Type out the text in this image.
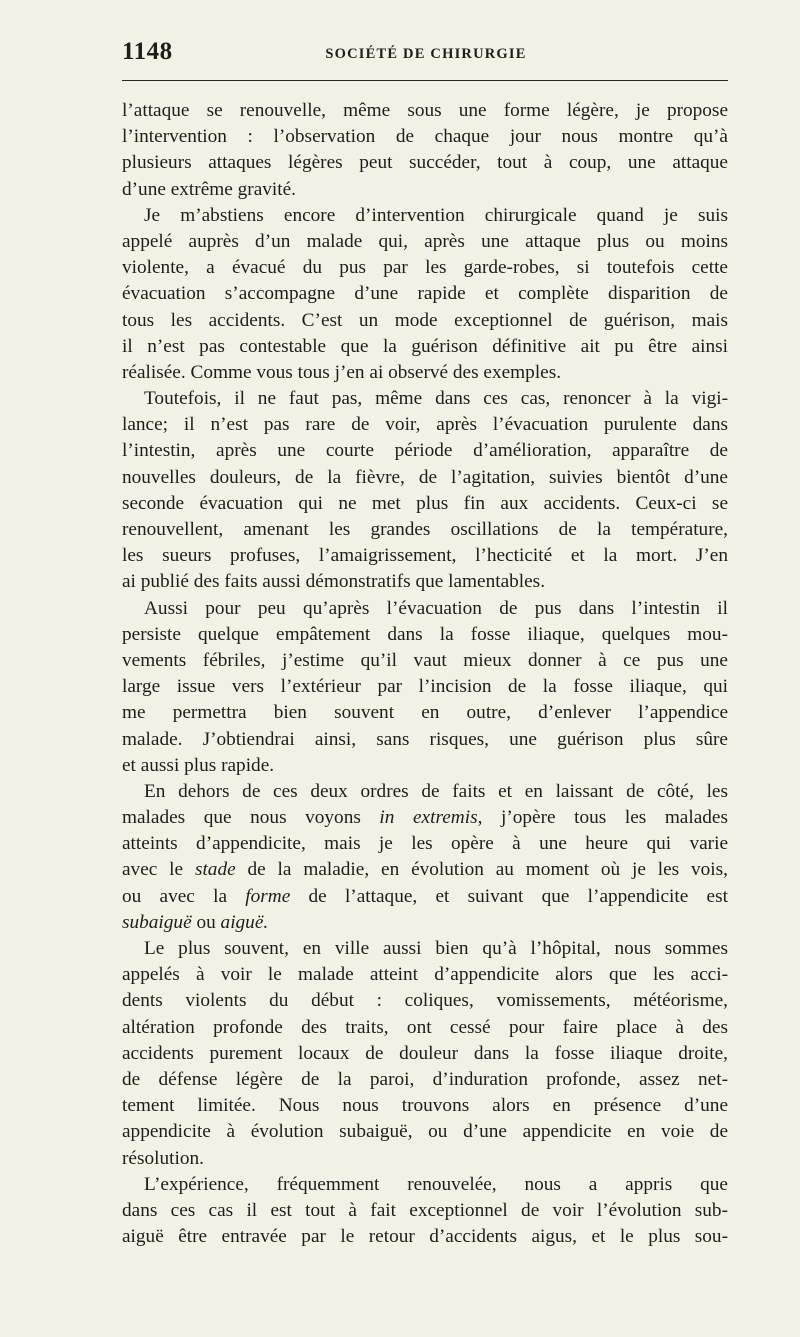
1148	SOCIÉTÉ DE CHIRURGIE
l’attaque se renouvelle, même sous une forme légère, je propose
l’intervention : l’observation de chaque jour nous montre qu’à
plusieurs attaques légères peut succéder, tout à coup, une attaque
d’une extrême gravité.
Je m’abstiens encore d’intervention chirurgicale quand je suis
appelé auprès d’un malade qui, après une attaque plus ou moins
violente, a évacué du pus par les garde-robes, si toutefois cette
évacuation s’accompagne d’une rapide et complète disparition de
tous les accidents. C’est un mode exceptionnel de guérison, mais
il n’est pas contestable que la guérison définitive ait pu être ainsi
réalisée. Comme vous tous j’en ai observé des exemples.
Toutefois, il ne faut pas, même dans ces cas, renoncer à la vigi-
lance; il n’est pas rare de voir, après l’évacuation purulente dans
l’intestin, après une courte période d’amélioration, apparaître de
nouvelles douleurs, de la fièvre, de l’agitation, suivies bientôt d’une
seconde évacuation qui ne met plus fin aux accidents. Ceux-ci se
renouvellent, amenant les grandes oscillations de la température,
les sueurs profuses, l’amaigrissement, l’hecticité et la mort. J’en
ai publié des faits aussi démonstratifs que lamentables.
Aussi pour peu qu’après l’évacuation de pus dans l’intestin il
persiste quelque empâtement dans la fosse iliaque, quelques mou-
vements fébriles, j’estime qu’il vaut mieux donner à ce pus une
large issue vers l’extérieur par l’incision de la fosse iliaque, qui
me permettra bien souvent en outre, d’enlever l’appendice
malade. J’obtiendrai ainsi, sans risques, une guérison plus sûre
et aussi plus rapide.
En dehors de ces deux ordres de faits et en laissant de côté, les
malades que nous voyons in extremis, j’opère tous les malades
atteints d’appendicite, mais je les opère à une heure qui varie
avec le stade de la maladie, en évolution au moment où je les vois,
ou avec la forme de l’attaque, et suivant que l’appendicite est
subaiguë ou aiguë.
Le plus souvent, en ville aussi bien qu’à l’hôpital, nous sommes
appelés à voir le malade atteint d’appendicite alors que les acci-
dents violents du début : coliques, vomissements, météorisme,
altération profonde des traits, ont cessé pour faire place à des
accidents purement locaux de douleur dans la fosse iliaque droite,
de défense légère de la paroi, d’induration profonde, assez net-
tement limitée. Nous nous trouvons alors en présence d’une
appendicite à évolution subaiguë, ou d’une appendicite en voie de
résolution.
L’expérience, fréquemment renouvelée, nous a appris que
dans ces cas il est tout à fait exceptionnel de voir l’évolution sub-
aiguë être entravée par le retour d’accidents aigus, et le plus sou-
